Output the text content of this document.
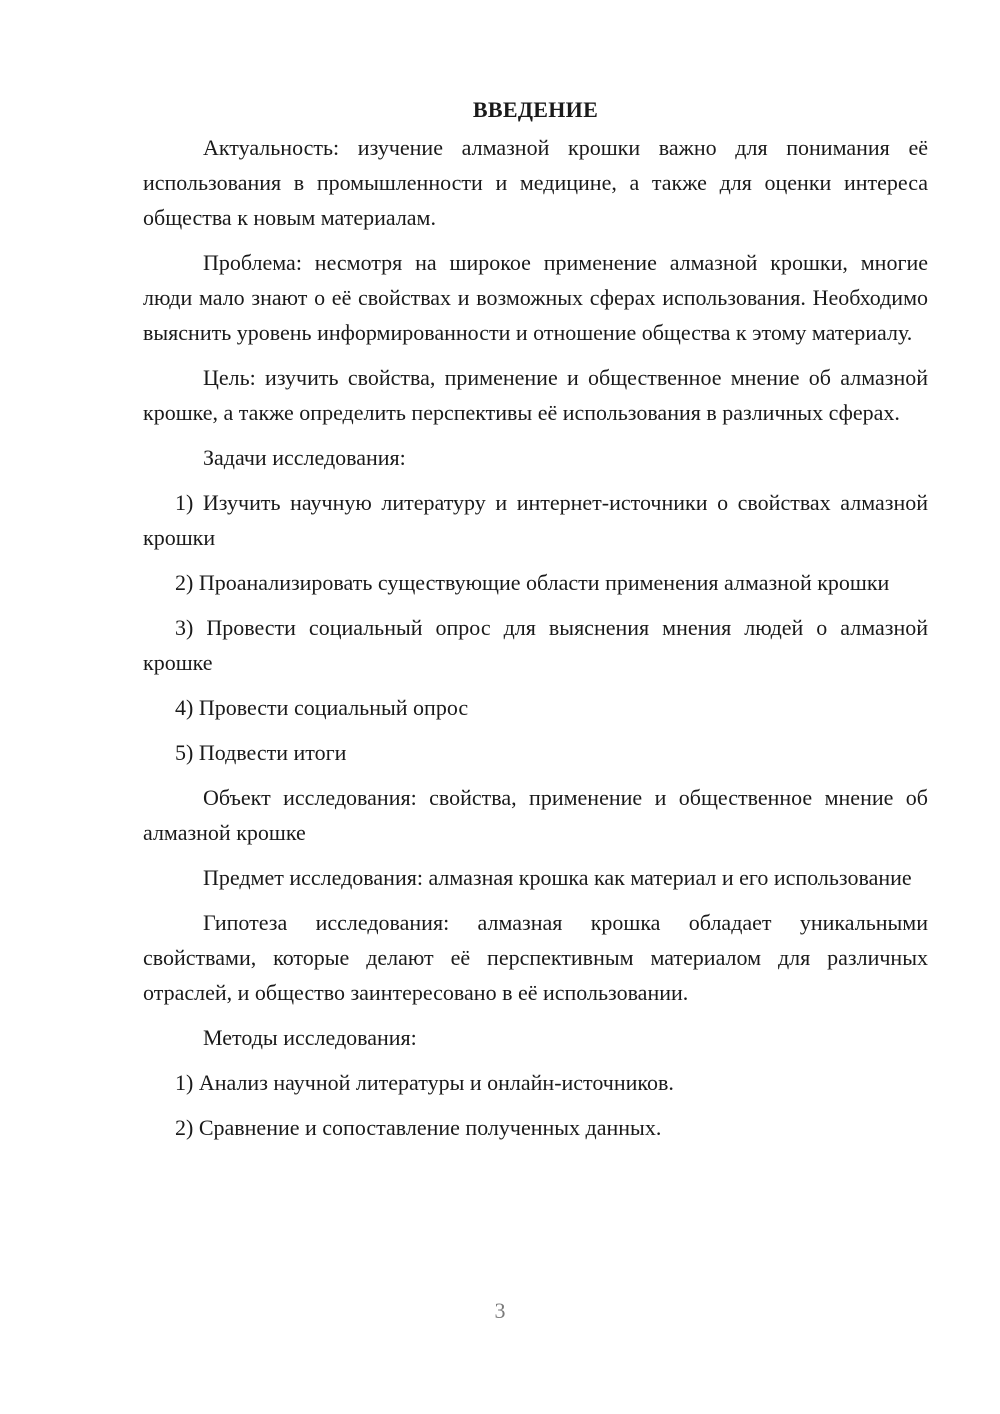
ВВЕДЕНИЕ

Актуальность: изучение алмазной крошки важно для понимания её использования в промышленности и медицине, а также для оценки интереса общества к новым материалам.

Проблема: несмотря на широкое применение алмазной крошки, многие люди мало знают о её свойствах и возможных сферах использования. Необходимо выяснить уровень информированности и отношение общества к этому материалу.

Цель: изучить свойства, применение и общественное мнение об алмазной крошке, а также определить перспективы её использования в различных сферах.

Задачи исследования:

1) Изучить научную литературу и интернет-источники о свойствах алмазной крошки

2) Проанализировать существующие области применения алмазной крошки

3) Провести социальный опрос для выяснения мнения людей о алмазной крошке

4) Провести социальный опрос

5) Подвести итоги

Объект исследования: свойства, применение и общественное мнение об алмазной крошке

Предмет исследования: алмазная крошка как материал и его использование

Гипотеза исследования: алмазная крошка обладает уникальными свойствами, которые делают её перспективным материалом для различных отраслей, и общество заинтересовано в её использовании.

Методы исследования:

1) Анализ научной литературы и онлайн-источников.

2) Сравнение и сопоставление полученных данных.

3
